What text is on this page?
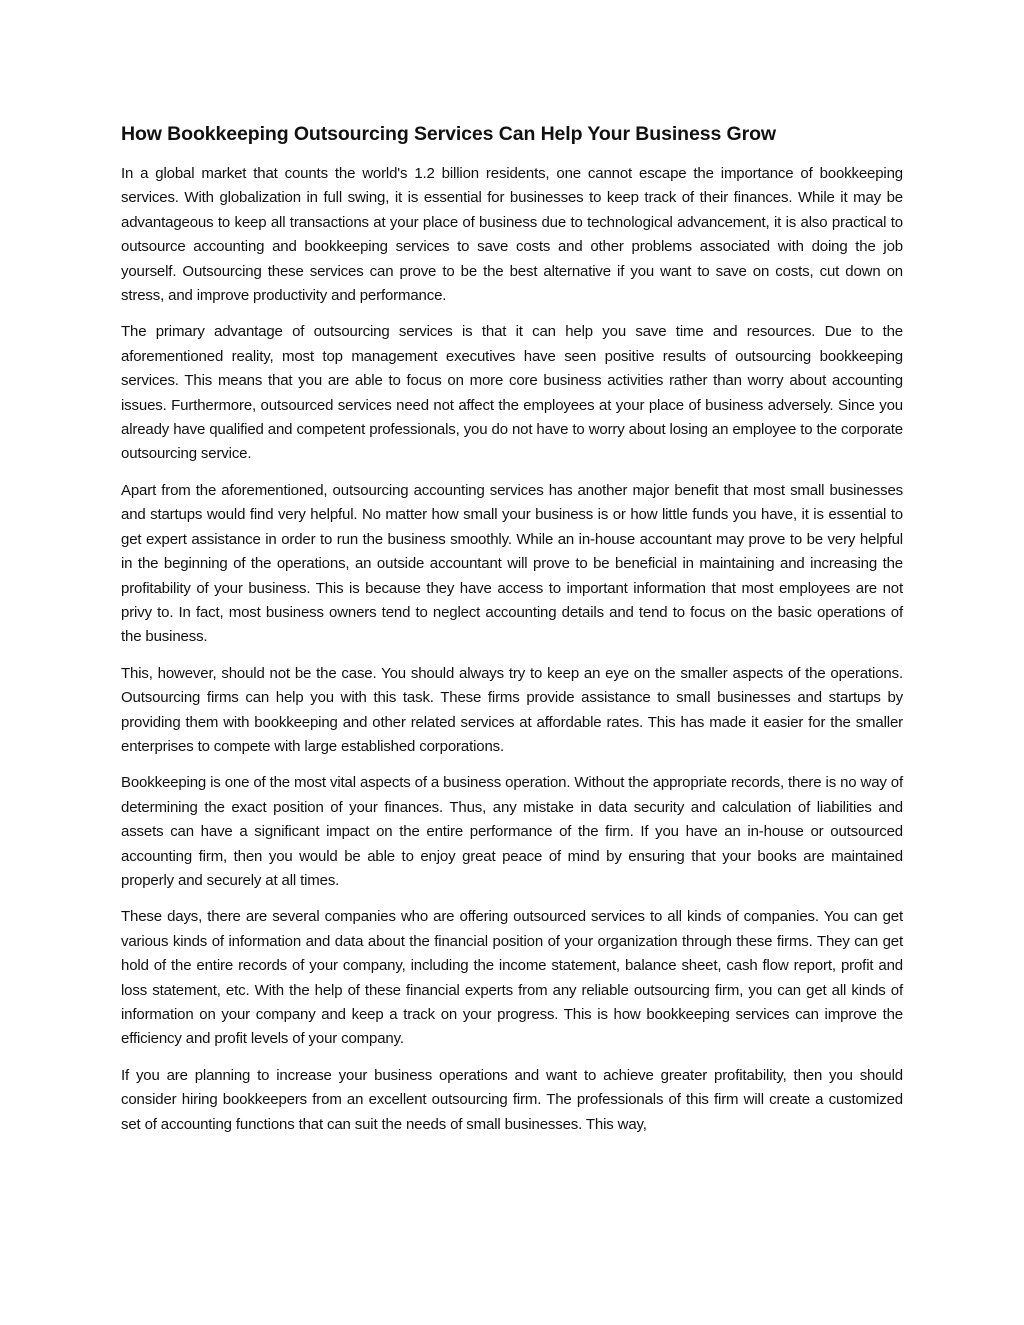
How Bookkeeping Outsourcing Services Can Help Your Business Grow

In a global market that counts the world's 1.2 billion residents, one cannot escape the importance of bookkeeping services. With globalization in full swing, it is essential for businesses to keep track of their finances. While it may be advantageous to keep all transactions at your place of business due to technological advancement, it is also practical to outsource accounting and bookkeeping services to save costs and other problems associated with doing the job yourself. Outsourcing these services can prove to be the best alternative if you want to save on costs, cut down on stress, and improve productivity and performance.

The primary advantage of outsourcing services is that it can help you save time and resources. Due to the aforementioned reality, most top management executives have seen positive results of outsourcing bookkeeping services. This means that you are able to focus on more core business activities rather than worry about accounting issues. Furthermore, outsourced services need not affect the employees at your place of business adversely. Since you already have qualified and competent professionals, you do not have to worry about losing an employee to the corporate outsourcing service.

Apart from the aforementioned, outsourcing accounting services has another major benefit that most small businesses and startups would find very helpful. No matter how small your business is or how little funds you have, it is essential to get expert assistance in order to run the business smoothly. While an in-house accountant may prove to be very helpful in the beginning of the operations, an outside accountant will prove to be beneficial in maintaining and increasing the profitability of your business. This is because they have access to important information that most employees are not privy to. In fact, most business owners tend to neglect accounting details and tend to focus on the basic operations of the business.

This, however, should not be the case. You should always try to keep an eye on the smaller aspects of the operations. Outsourcing firms can help you with this task. These firms provide assistance to small businesses and startups by providing them with bookkeeping and other related services at affordable rates. This has made it easier for the smaller enterprises to compete with large established corporations.

Bookkeeping is one of the most vital aspects of a business operation. Without the appropriate records, there is no way of determining the exact position of your finances. Thus, any mistake in data security and calculation of liabilities and assets can have a significant impact on the entire performance of the firm. If you have an in-house or outsourced accounting firm, then you would be able to enjoy great peace of mind by ensuring that your books are maintained properly and securely at all times.

These days, there are several companies who are offering outsourced services to all kinds of companies. You can get various kinds of information and data about the financial position of your organization through these firms. They can get hold of the entire records of your company, including the income statement, balance sheet, cash flow report, profit and loss statement, etc. With the help of these financial experts from any reliable outsourcing firm, you can get all kinds of information on your company and keep a track on your progress. This is how bookkeeping services can improve the efficiency and profit levels of your company.

If you are planning to increase your business operations and want to achieve greater profitability, then you should consider hiring bookkeepers from an excellent outsourcing firm. The professionals of this firm will create a customized set of accounting functions that can suit the needs of small businesses. This way,
